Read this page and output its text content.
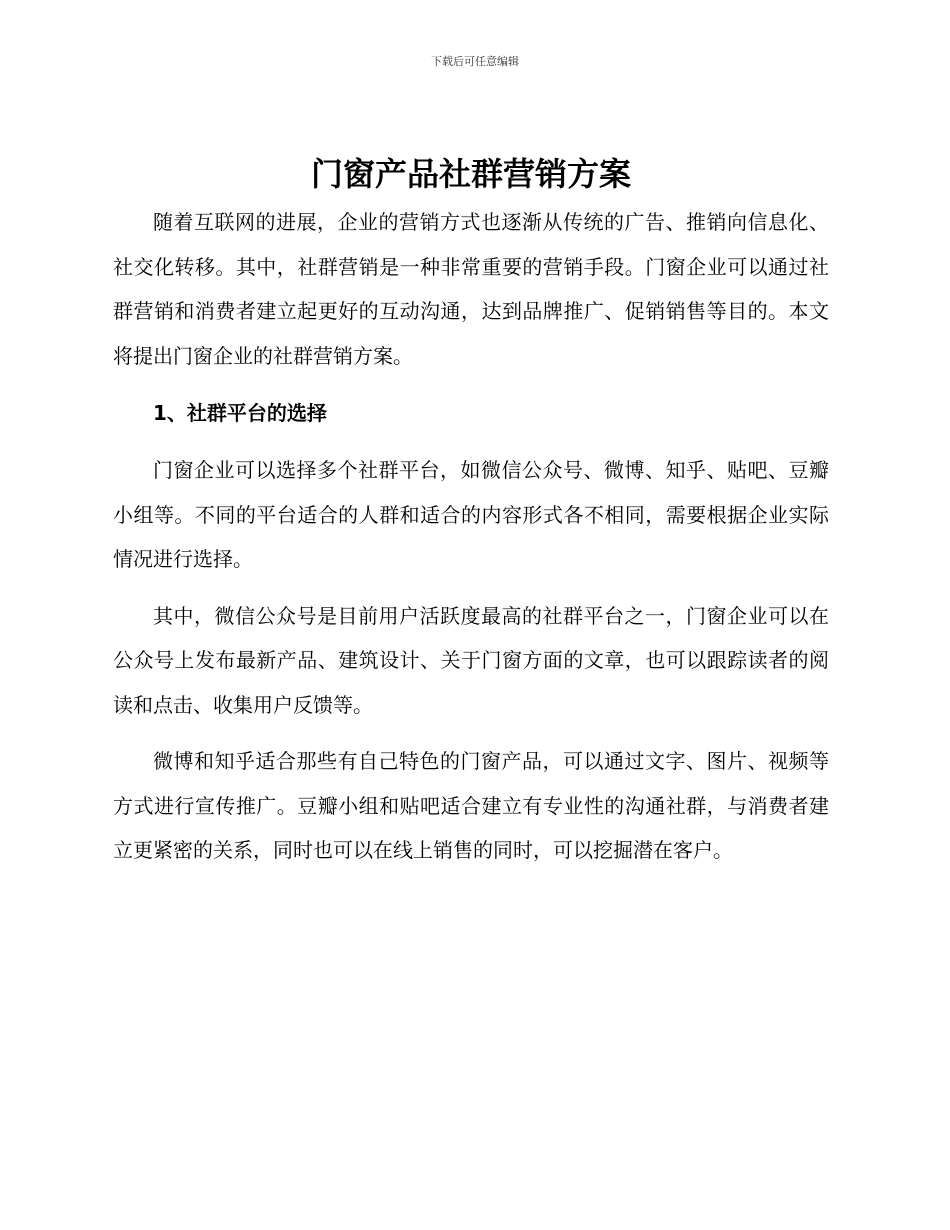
下载后可任意编辑
门窗产品社群营销方案

随着互联网的进展，企业的营销方式也逐渐从传统的广告、推销向信息化、社交化转移。其中，社群营销是一种非常重要的营销手段。门窗企业可以通过社群营销和消费者建立起更好的互动沟通，达到品牌推广、促销销售等目的。本文将提出门窗企业的社群营销方案。

1、社群平台的选择

门窗企业可以选择多个社群平台，如微信公众号、微博、知乎、贴吧、豆瓣小组等。不同的平台适合的人群和适合的内容形式各不相同，需要根据企业实际情况进行选择。

其中，微信公众号是目前用户活跃度最高的社群平台之一，门窗企业可以在公众号上发布最新产品、建筑设计、关于门窗方面的文章，也可以跟踪读者的阅读和点击、收集用户反馈等。

微博和知乎适合那些有自己特色的门窗产品，可以通过文字、图片、视频等方式进行宣传推广。豆瓣小组和贴吧适合建立有专业性的沟通社群，与消费者建立更紧密的关系，同时也可以在线上销售的同时，可以挖掘潜在客户。
